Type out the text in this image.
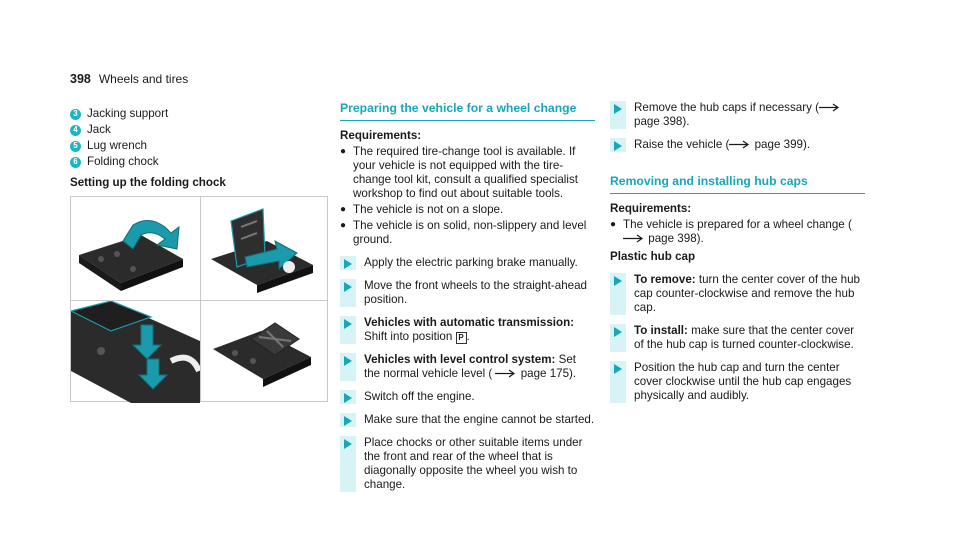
398 Wheels and tires
3 Jacking support
4 Jack
5 Lug wrench
6 Folding chock
Setting up the folding chock
Preparing the vehicle for a wheel change
Requirements:
● The required tire-change tool is available. If your vehicle is not equipped with the tire-change tool kit, consult a qualified specialist workshop to find out about suitable tools.
● The vehicle is not on a slope.
● The vehicle is on solid, non-slippery and level ground.
Apply the electric parking brake manually.
Move the front wheels to the straight-ahead position.
Vehicles with automatic transmission: Shift into position P .
Vehicles with level control system: Set the normal vehicle level ( page 175).
Switch off the engine.
Make sure that the engine cannot be started.
Place chocks or other suitable items under the front and rear of the wheel that is diagonally opposite the wheel you wish to change.
Remove the hub caps if necessary ( page 398).
Raise the vehicle ( page 399).
Removing and installing hub caps
Requirements:
● The vehicle is prepared for a wheel change ( page 398).
Plastic hub cap
To remove: turn the center cover of the hub cap counter-clockwise and remove the hub cap.
To install: make sure that the center cover of the hub cap is turned counter-clockwise.
Position the hub cap and turn the center cover clockwise until the hub cap engages physically and audibly.
